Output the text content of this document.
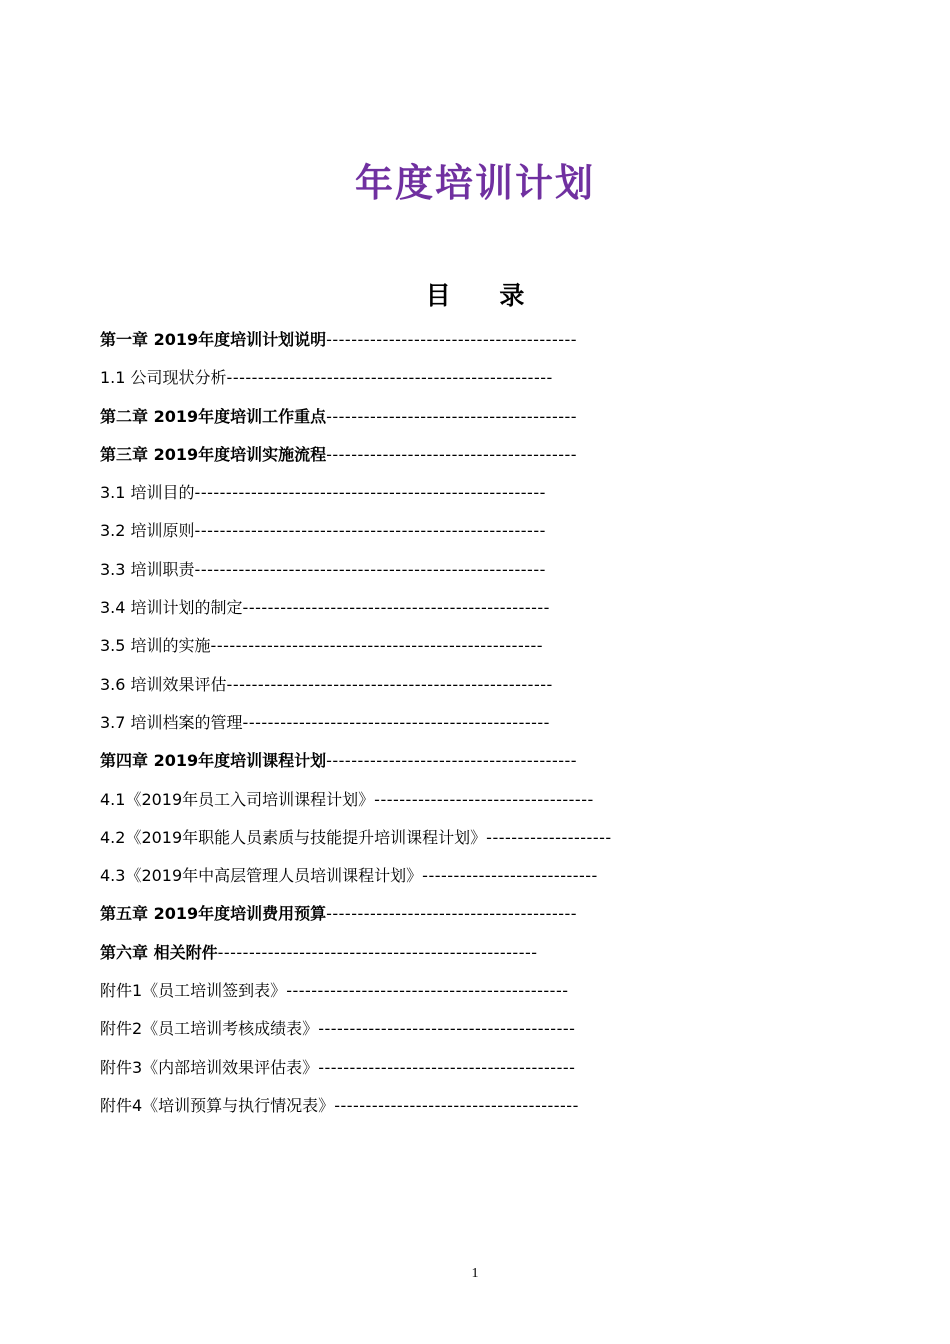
年度培训计划
目 录
第一章 2019年度培训计划说明----------------------------------------
1.1 公司现状分析----------------------------------------------------
第二章 2019年度培训工作重点----------------------------------------
第三章 2019年度培训实施流程----------------------------------------
3.1 培训目的--------------------------------------------------------
3.2 培训原则--------------------------------------------------------
3.3 培训职责--------------------------------------------------------
3.4 培训计划的制定-------------------------------------------------
3.5 培训的实施-----------------------------------------------------
3.6 培训效果评估----------------------------------------------------
3.7 培训档案的管理-------------------------------------------------
第四章 2019年度培训课程计划----------------------------------------
4.1《2019年员工入司培训课程计划》-----------------------------------
4.2《2019年职能人员素质与技能提升培训课程计划》--------------------
4.3《2019年中高层管理人员培训课程计划》----------------------------
第五章 2019年度培训费用预算----------------------------------------
第六章 相关附件---------------------------------------------------
附件1《员工培训签到表》---------------------------------------------
附件2《员工培训考核成绩表》-----------------------------------------
附件3《内部培训效果评估表》-----------------------------------------
附件4《培训预算与执行情况表》---------------------------------------
1
